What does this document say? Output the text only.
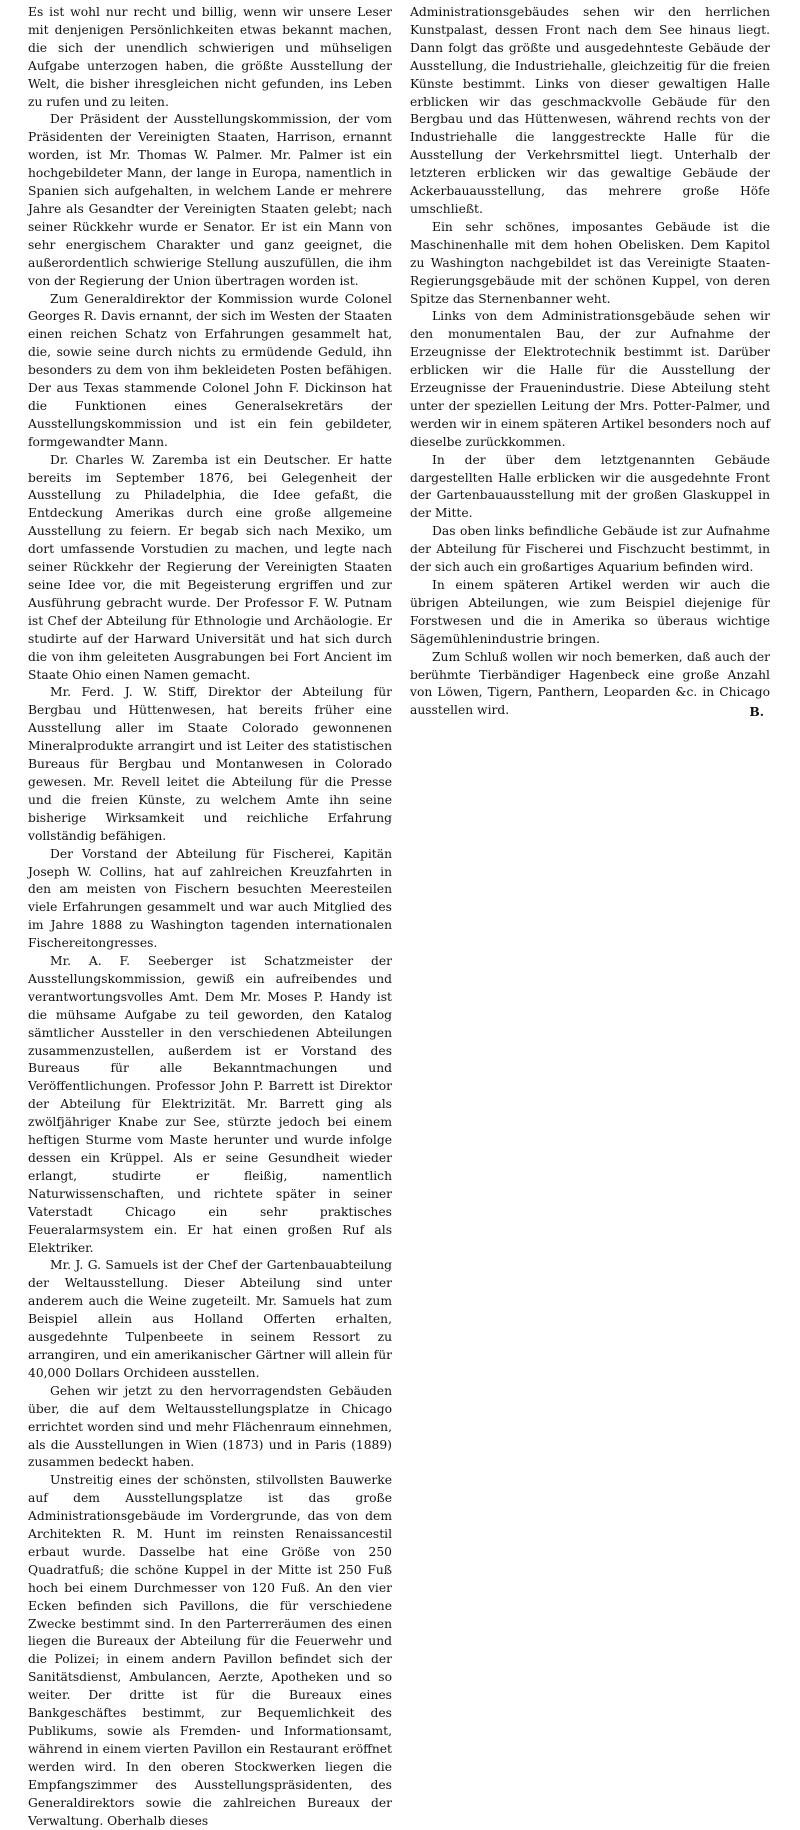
Es ist wohl nur recht und billig, wenn wir unsere Leser mit denjenigen Persönlichkeiten etwas bekannt machen, die sich der unendlich schwierigen und mühseligen Aufgabe unterzogen haben, die größte Ausstellung der Welt, die bisher ihresgleichen nicht gefunden, ins Leben zu rufen und zu leiten.

Der Präsident der Ausstellungskommission, der vom Präsidenten der Vereinigten Staaten, Harrison, ernannt worden, ist Mr. Thomas W. Palmer. Mr. Palmer ist ein hochgebildeter Mann, der lange in Europa, namentlich in Spanien sich aufgehalten, in welchem Lande er mehrere Jahre als Gesandter der Vereinigten Staaten gelebt; nach seiner Rückkehr wurde er Senator. Er ist ein Mann von sehr energischem Charakter und ganz geeignet, die außerordentlich schwierige Stellung auszufüllen, die ihm von der Regierung der Union übertragen worden ist.

Zum Generaldirektor der Kommission wurde Colonel Georges R. Davis ernannt, der sich im Westen der Staaten einen reichen Schatz von Erfahrungen gesammelt hat, die, sowie seine durch nichts zu ermüdende Geduld, ihn besonders zu dem von ihm bekleideten Posten befähigen. Der aus Texas stammende Colonel John F. Dickinson hat die Funktionen eines Generalsekretärs der Ausstellungskommission und ist ein fein gebildeter, formgewandter Mann.

Dr. Charles W. Zaremba ist ein Deutscher. Er hatte bereits im September 1876, bei Gelegenheit der Ausstellung zu Philadelphia, die Idee gefaßt, die Entdeckung Amerikas durch eine große allgemeine Ausstellung zu feiern. Er begab sich nach Mexiko, um dort umfassende Vorstudien zu machen, und legte nach seiner Rückkehr der Regierung der Vereinigten Staaten seine Idee vor, die mit Begeisterung ergriffen und zur Ausführung gebracht wurde. Der Professor F. W. Putnam ist Chef der Abteilung für Ethnologie und Archäologie. Er studirte auf der Harward Universität und hat sich durch die von ihm geleiteten Ausgrabungen bei Fort Ancient im Staate Ohio einen Namen gemacht.

Mr. Ferd. J. W. Stiff, Direktor der Abteilung für Bergbau und Hüttenwesen, hat bereits früher eine Ausstellung aller im Staate Colorado gewonnenen Mineralprodukte arrangirt und ist Leiter des statistischen Bureaus für Bergbau und Montanwesen in Colorado gewesen. Mr. Revell leitet die Abteilung für die Presse und die freien Künste, zu welchem Amte ihn seine bisherige Wirksamkeit und reichliche Erfahrung vollständig befähigen.

Der Vorstand der Abteilung für Fischerei, Kapitän Joseph W. Collins, hat auf zahlreichen Kreuzfahrten in den am meisten von Fischern besuchten Meeresteilen viele Erfahrungen gesammelt und war auch Mitglied des im Jahre 1888 zu Washington tagenden internationalen Fischereitongresses.

Mr. A. F. Seeberger ist Schatzmeister der Ausstellungskommission, gewiß ein aufreibendes und verantwortungsvolles Amt. Dem Mr. Moses P. Handy ist die mühsame Aufgabe zu teil geworden, den Katalog sämtlicher Aussteller in den verschiedenen Abteilungen zusammenzustellen, außerdem ist er Vorstand des Bureaus für alle Bekanntmachungen und Veröffentlichungen. Professor John P. Barrett ist Direktor der Abteilung für Elektrizität. Mr. Barrett ging als zwölfjähriger Knabe zur See, stürzte jedoch bei einem heftigen Sturme vom Maste herunter und wurde infolge dessen ein Krüppel. Als er seine Gesundheit wieder erlangt, studirte er fleißig, namentlich Naturwissenschaften, und richtete später in seiner Vaterstadt Chicago ein sehr praktisches Feueralarmsystem ein. Er hat einen großen Ruf als Elektriker.

Mr. J. G. Samuels ist der Chef der Gartenbauabteilung der Weltausstellung. Dieser Abteilung sind unter anderem auch die Weine zugeteilt. Mr. Samuels hat zum Beispiel allein aus Holland Offerten erhalten, ausgedehnte Tulpenbeete in seinem Ressort zu arrangiren, und ein amerikanischer Gärtner will allein für 40,000 Dollars Orchideen ausstellen.

Gehen wir jetzt zu den hervorragendsten Gebäuden über, die auf dem Weltausstellungsplatze in Chicago errichtet worden sind und mehr Flächenraum einnehmen, als die Ausstellungen in Wien (1873) und in Paris (1889) zusammen bedeckt haben.

Unstreitig eines der schönsten, stilvollsten Bauwerke auf dem Ausstellungsplatze ist das große Administrationsgebäude im Vordergrunde, das von dem Architekten R. M. Hunt im reinsten Renaissancestil erbaut wurde. Dasselbe hat eine Größe von 250 Quadratfuß; die schöne Kuppel in der Mitte ist 250 Fuß hoch bei einem Durchmesser von 120 Fuß. An den vier Ecken befinden sich Pavillons, die für verschiedene Zwecke bestimmt sind. In den Parterreräumen des einen liegen die Bureaux der Abteilung für die Feuerwehr und die Polizei; in einem andern Pavillon befindet sich der Sanitätsdienst, Ambulancen, Aerzte, Apotheken und so weiter. Der dritte ist für die Bureaux eines Bankgeschäftes bestimmt, zur Bequemlichkeit des Publikums, sowie als Fremden- und Informationsamt, während in einem vierten Pavillon ein Restaurant eröffnet werden wird. In den oberen Stockwerken liegen die Empfangszimmer des Ausstellungspräsidenten, des Generaldirektors sowie die zahlreichen Bureaux der Verwaltung. Oberhalb dieses

Administrationsgebäudes sehen wir den herrlichen Kunstpalast, dessen Front nach dem See hinaus liegt. Dann folgt das größte und ausgedehnteste Gebäude der Ausstellung, die Industriehalle, gleichzeitig für die freien Künste bestimmt. Links von dieser gewaltigen Halle erblicken wir das geschmackvolle Gebäude für den Bergbau und das Hüttenwesen, während rechts von der Industriehalle die langgestreckte Halle für die Ausstellung der Verkehrsmittel liegt. Unterhalb der letzteren erblicken wir das gewaltige Gebäude der Ackerbauausstellung, das mehrere große Höfe umschließt.

Ein sehr schönes, imposantes Gebäude ist die Maschinenhalle mit dem hohen Obelisken. Dem Kapitol zu Washington nachgebildet ist das Vereinigte Staaten-Regierungsgebäude mit der schönen Kuppel, von deren Spitze das Sternenbanner weht.

Links von dem Administrationsgebäude sehen wir den monumentalen Bau, der zur Aufnahme der Erzeugnisse der Elektrotechnik bestimmt ist. Darüber erblicken wir die Halle für die Ausstellung der Erzeugnisse der Frauenindustrie. Diese Abteilung steht unter der speziellen Leitung der Mrs. Potter-Palmer, und werden wir in einem späteren Artikel besonders noch auf dieselbe zurückkommen.

In der über dem letztgenannten Gebäude dargestellten Halle erblicken wir die ausgedehnte Front der Gartenbauausstellung mit der großen Glaskuppel in der Mitte.

Das oben links befindliche Gebäude ist zur Aufnahme der Abteilung für Fischerei und Fischzucht bestimmt, in der sich auch ein großartiges Aquarium befinden wird.

In einem späteren Artikel werden wir auch die übrigen Abteilungen, wie zum Beispiel diejenige für Forstwesen und die in Amerika so überaus wichtige Sägemühlenindustrie bringen.

Zum Schluß wollen wir noch bemerken, daß auch der berühmte Tierbändiger Hagenbeck eine große Anzahl von Löwen, Tigern, Panthern, Leoparden &c. in Chicago ausstellen wird.	B.
